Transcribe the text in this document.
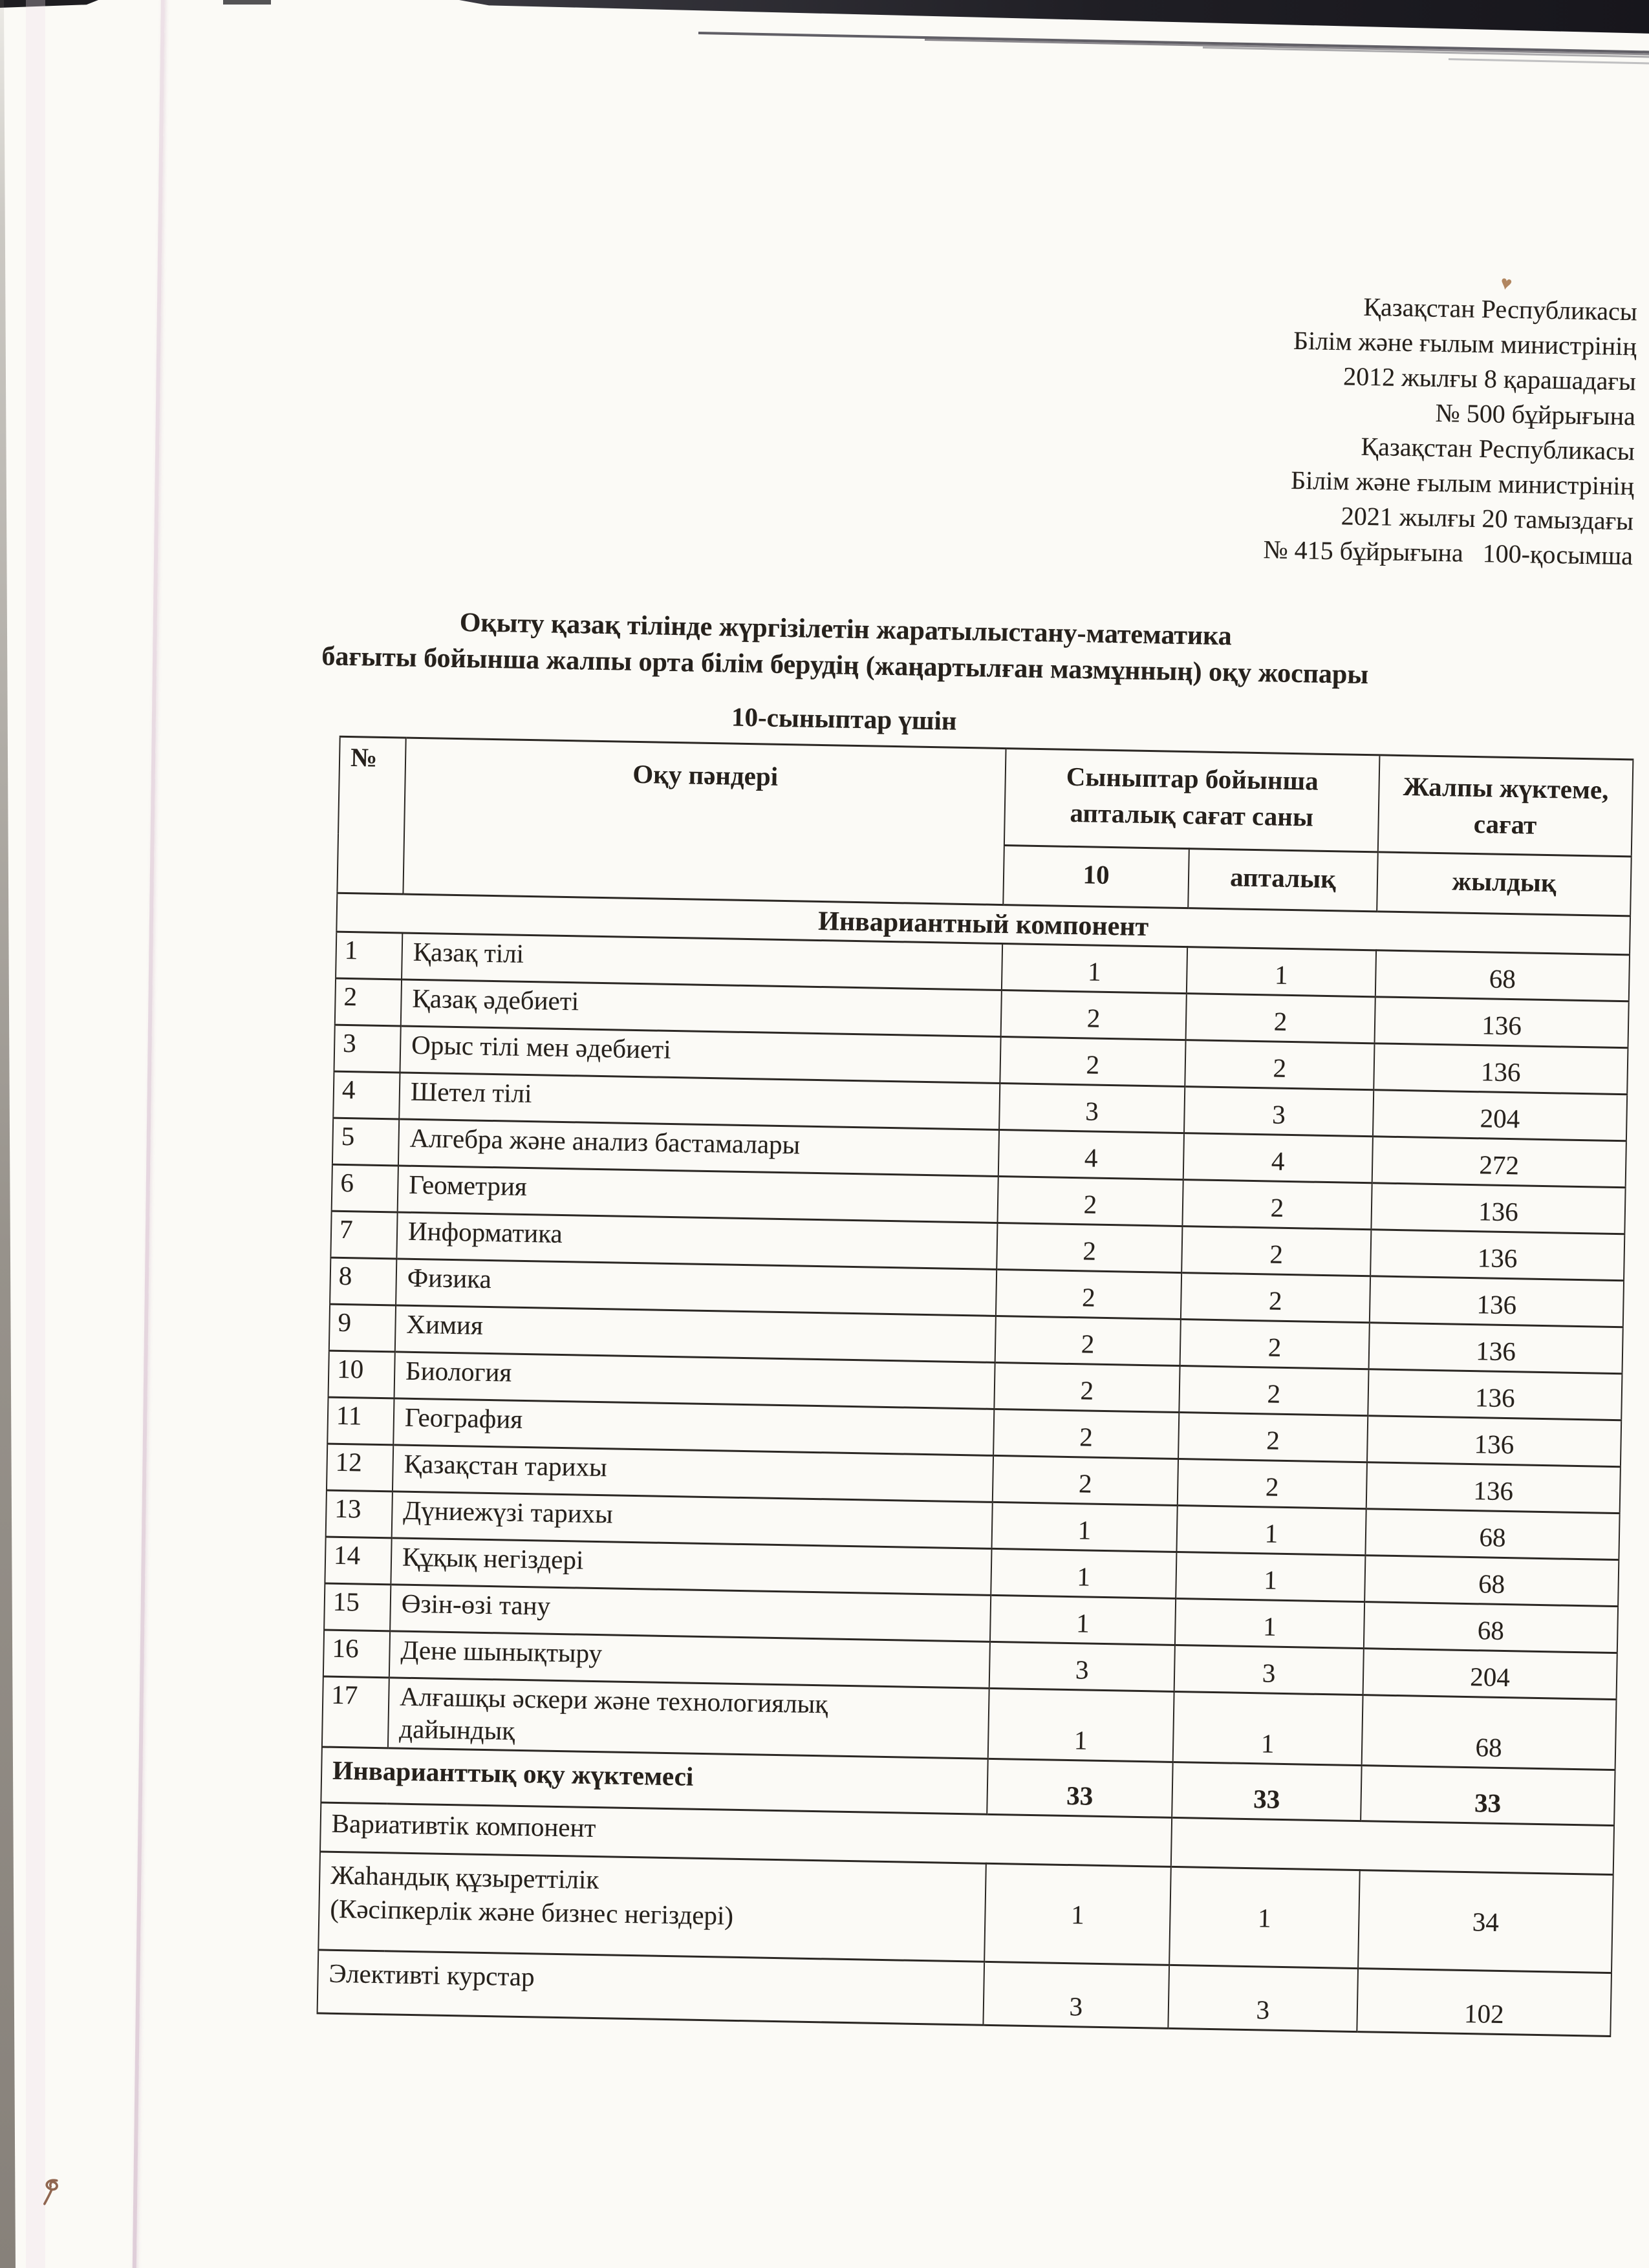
♥
Қазақстан Республикасы
Білім және ғылым министрінің
2012 жылғы 8 қарашадағы
№ 500 бұйрығына
Қазақстан Республикасы
Білім және ғылым министрінің
2021 жылғы 20 тамыздағы
№ 415 бұйрығына   100-қосымша
Оқыту қазақ тілінде жүргізілетін жаратылыстану-математика
бағыты бойынша жалпы орта білім берудің (жаңартылған мазмұнның) оқу жоспары
10-сыныптар үшін
№	Оқу пәндері	Сыныптар бойынша апталық сағат саны		Жалпы жүктеме, сағат
		10	апталық	жылдық
Инвариантный компонент				
1	Қазақ тілі	1	1	68
2	Қазақ әдебиеті	2	2	136
3	Орыс тілі мен әдебиеті	2	2	136
4	Шетел тілі	3	3	204
5	Алгебра және анализ бастамалары	4	4	272
6	Геометрия	2	2	136
7	Информатика	2	2	136
8	Физика	2	2	136
9	Химия	2	2	136
10	Биология	2	2	136
11	География	2	2	136
12	Қазақстан тарихы	2	2	136
13	Дүниежүзі тарихы	1	1	68
14	Құқық негіздері	1	1	68
15	Өзін-өзі тану	1	1	68
16	Дене шынықтыру	3	3	204
17	Алғашқы әскери және технологиялық
дайындық	1	1	68
Инварианттық оқу жүктемесі		33	33	33
Вариативтік компонент				
Жаһандық құзыреттілік
(Кәсіпкерлік және бизнес негіздері)		1	1	34
Элективті курстар		3	3	102
